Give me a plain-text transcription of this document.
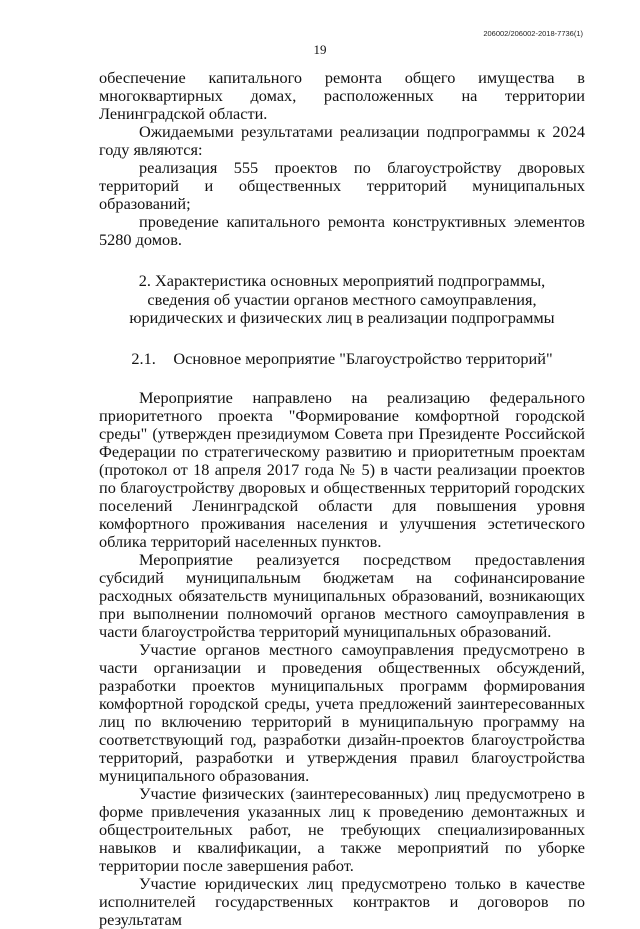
206002/206002-2018-7736(1)

19

обеспечение капитального ремонта общего имущества в многоквартирных домах, расположенных на территории Ленинградской области.

Ожидаемыми результатами реализации подпрограммы к 2024 году являются:

реализация 555 проектов по благоустройству дворовых территорий и общественных территорий муниципальных образований;

проведение капитального ремонта конструктивных элементов 5280 домов.

2. Характеристика основных мероприятий подпрограммы,
сведения об участии органов местного самоуправления,
юридических и физических лиц в реализации подпрограммы
2.1. Основное мероприятие "Благоустройство территорий"

Мероприятие направлено на реализацию федерального приоритетного проекта "Формирование комфортной городской среды" (утвержден президиумом Совета при Президенте Российской Федерации по стратегическому развитию и приоритетным проектам (протокол от 18 апреля 2017 года № 5) в части реализации проектов по благоустройству дворовых и общественных территорий городских поселений Ленинградской области для повышения уровня комфортного проживания населения и улучшения эстетического облика территорий населенных пунктов.

Мероприятие реализуется посредством предоставления субсидий муниципальным бюджетам на софинансирование расходных обязательств муниципальных образований, возникающих при выполнении полномочий органов местного самоуправления в части благоустройства территорий муниципальных образований.

Участие органов местного самоуправления предусмотрено в части организации и проведения общественных обсуждений, разработки проектов муниципальных программ формирования комфортной городской среды, учета предложений заинтересованных лиц по включению территорий в муниципальную программу на соответствующий год, разработки дизайн-проектов благоустройства территорий, разработки и утверждения правил благоустройства муниципального образования.

Участие физических (заинтересованных) лиц предусмотрено в форме привлечения указанных лиц к проведению демонтажных и общестроительных работ, не требующих специализированных навыков и квалификации, а также мероприятий по уборке территории после завершения работ.

Участие юридических лиц предусмотрено только в качестве исполнителей государственных контрактов и договоров по результатам
